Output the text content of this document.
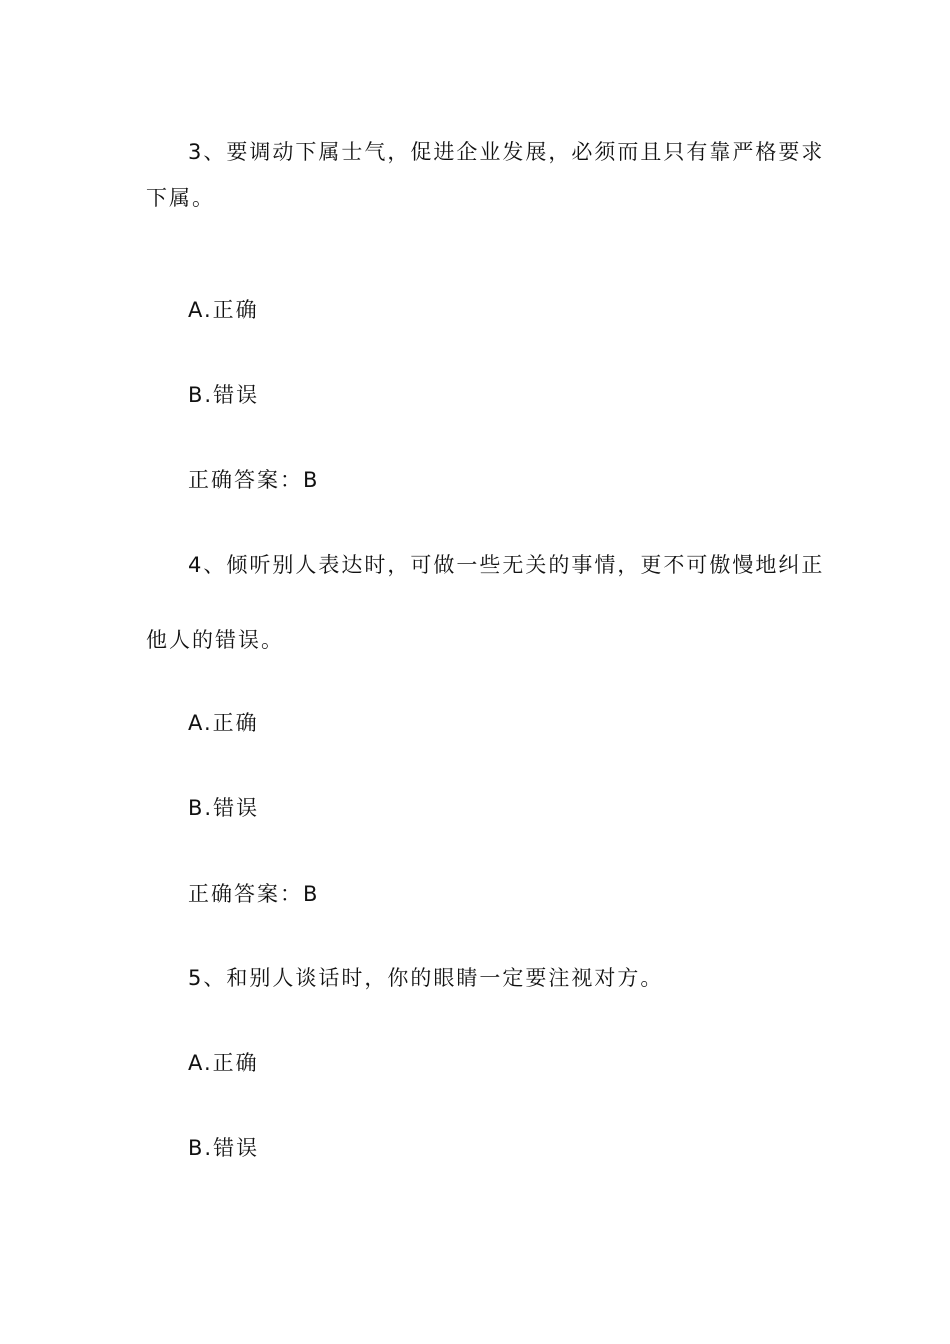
3、要调动下属士气，促进企业发展，必须而且只有靠严格要求
下属。
A.正确
B.错误
正确答案：B
4、倾听别人表达时，可做一些无关的事情，更不可傲慢地纠正
他人的错误。
A.正确
B.错误
正确答案：B
5、和别人谈话时，你的眼睛一定要注视对方。
A.正确
B.错误
